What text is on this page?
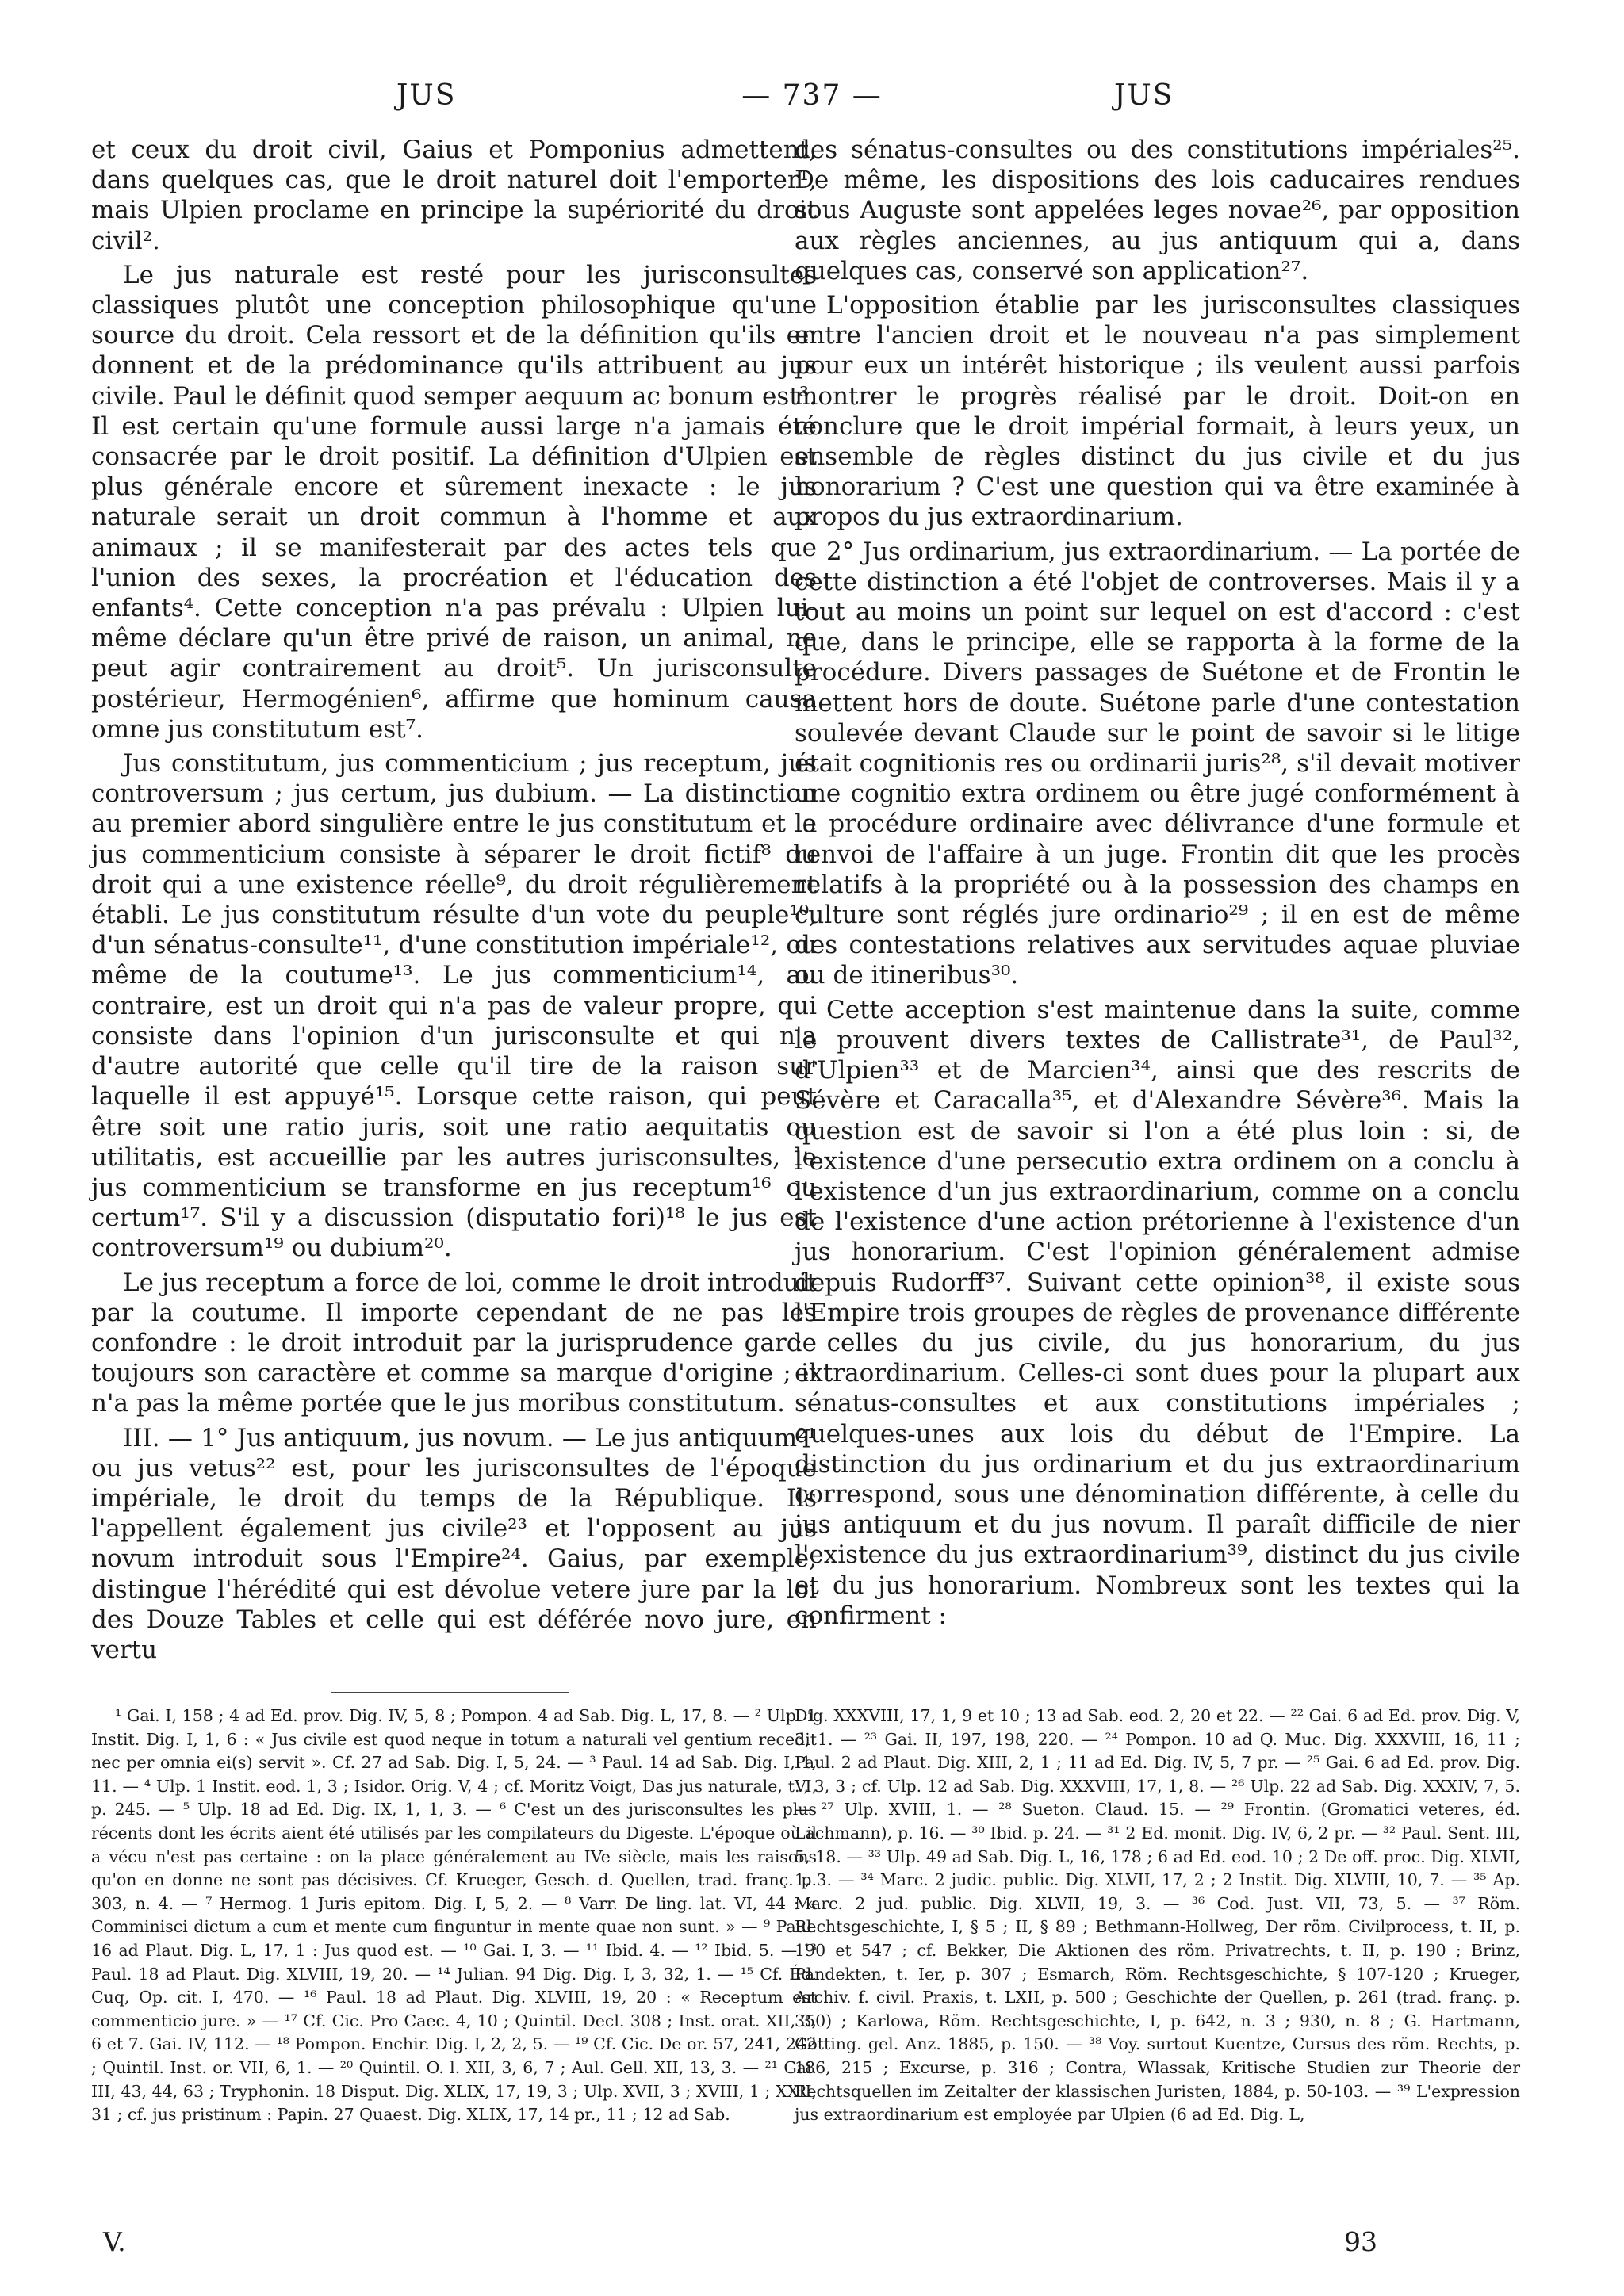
JUS	— 737 —	JUS

et ceux du droit civil, Gaius et Pomponius admettent, dans quelques cas, que le droit naturel doit l'emporter¹, mais Ulpien proclame en principe la supériorité du droit civil².

Le jus naturale est resté pour les jurisconsultes classiques plutôt une conception philosophique qu'une source du droit. Cela ressort et de la définition qu'ils en donnent et de la prédominance qu'ils attribuent au jus civile. Paul le définit quod semper aequum ac bonum est³. Il est certain qu'une formule aussi large n'a jamais été consacrée par le droit positif. La définition d'Ulpien est plus générale encore et sûrement inexacte : le jus naturale serait un droit commun à l'homme et aux animaux ; il se manifesterait par des actes tels que l'union des sexes, la procréation et l'éducation des enfants⁴. Cette conception n'a pas prévalu : Ulpien lui-même déclare qu'un être privé de raison, un animal, ne peut agir contrairement au droit⁵. Un jurisconsulte postérieur, Hermogénien⁶, affirme que hominum causa omne jus constitutum est⁷.

Jus constitutum, jus commenticium ; jus receptum, jus controversum ; jus certum, jus dubium. — La distinction au premier abord singulière entre le jus constitutum et le jus commenticium consiste à séparer le droit fictif⁸ du droit qui a une existence réelle⁹, du droit régulièrement établi. Le jus constitutum résulte d'un vote du peuple¹⁰, d'un sénatus-consulte¹¹, d'une constitution impériale¹², ou même de la coutume¹³. Le jus commenticium¹⁴, au contraire, est un droit qui n'a pas de valeur propre, qui consiste dans l'opinion d'un jurisconsulte et qui n'a d'autre autorité que celle qu'il tire de la raison sur laquelle il est appuyé¹⁵. Lorsque cette raison, qui peut être soit une ratio juris, soit une ratio aequitatis ou utilitatis, est accueillie par les autres jurisconsultes, le jus commenticium se transforme en jus receptum¹⁶ ou certum¹⁷. S'il y a discussion (disputatio fori)¹⁸ le jus est controversum¹⁹ ou dubium²⁰.

Le jus receptum a force de loi, comme le droit introduit par la coutume. Il importe cependant de ne pas les confondre : le droit introduit par la jurisprudence garde toujours son caractère et comme sa marque d'origine ; il n'a pas la même portée que le jus moribus constitutum.

III. — 1° Jus antiquum, jus novum. — Le jus antiquum²¹ ou jus vetus²² est, pour les jurisconsultes de l'époque impériale, le droit du temps de la République. Ils l'appellent également jus civile²³ et l'opposent au jus novum introduit sous l'Empire²⁴. Gaius, par exemple, distingue l'hérédité qui est dévolue vetere jure par la loi des Douze Tables et celle qui est déférée novo jure, en vertu

des sénatus-consultes ou des constitutions impériales²⁵. De même, les dispositions des lois caducaires rendues sous Auguste sont appelées leges novae²⁶, par opposition aux règles anciennes, au jus antiquum qui a, dans quelques cas, conservé son application²⁷.

L'opposition établie par les jurisconsultes classiques entre l'ancien droit et le nouveau n'a pas simplement pour eux un intérêt historique ; ils veulent aussi parfois montrer le progrès réalisé par le droit. Doit-on en conclure que le droit impérial formait, à leurs yeux, un ensemble de règles distinct du jus civile et du jus honorarium ? C'est une question qui va être examinée à propos du jus extraordinarium.

2° Jus ordinarium, jus extraordinarium. — La portée de cette distinction a été l'objet de controverses. Mais il y a tout au moins un point sur lequel on est d'accord : c'est que, dans le principe, elle se rapporta à la forme de la procédure. Divers passages de Suétone et de Frontin le mettent hors de doute. Suétone parle d'une contestation soulevée devant Claude sur le point de savoir si le litige était cognitionis res ou ordinarii juris²⁸, s'il devait motiver une cognitio extra ordinem ou être jugé conformément à la procédure ordinaire avec délivrance d'une formule et renvoi de l'affaire à un juge. Frontin dit que les procès relatifs à la propriété ou à la possession des champs en culture sont réglés jure ordinario²⁹ ; il en est de même des contestations relatives aux servitudes aquae pluviae ou de itineribus³⁰.

Cette acception s'est maintenue dans la suite, comme le prouvent divers textes de Callistrate³¹, de Paul³², d'Ulpien³³ et de Marcien³⁴, ainsi que des rescrits de Sévère et Caracalla³⁵, et d'Alexandre Sévère³⁶. Mais la question est de savoir si l'on a été plus loin : si, de l'existence d'une persecutio extra ordinem on a conclu à l'existence d'un jus extraordinarium, comme on a conclu de l'existence d'une action prétorienne à l'existence d'un jus honorarium. C'est l'opinion généralement admise depuis Rudorff³⁷. Suivant cette opinion³⁸, il existe sous l'Empire trois groupes de règles de provenance différente : celles du jus civile, du jus honorarium, du jus extraordinarium. Celles-ci sont dues pour la plupart aux sénatus-consultes et aux constitutions impériales ; quelques-unes aux lois du début de l'Empire. La distinction du jus ordinarium et du jus extraordinarium correspond, sous une dénomination différente, à celle du jus antiquum et du jus novum. Il paraît difficile de nier l'existence du jus extraordinarium³⁹, distinct du jus civile et du jus honorarium. Nombreux sont les textes qui la confirment :

¹ Gai. I, 158 ; 4 ad Ed. prov. Dig. IV, 5, 8 ; Pompon. 4 ad Sab. Dig. L, 17, 8. — ² Ulp. 1 Instit. Dig. I, 1, 6 : « Jus civile est quod neque in totum a naturali vel gentium recedit nec per omnia ei(s) servit ». Cf. 27 ad Sab. Dig. I, 5, 24. — ³ Paul. 14 ad Sab. Dig. I, 1, 11. — ⁴ Ulp. 1 Instit. eod. 1, 3 ; Isidor. Orig. V, 4 ; cf. Moritz Voigt, Das jus naturale, t. I, p. 245. — ⁵ Ulp. 18 ad Ed. Dig. IX, 1, 1, 3. — ⁶ C'est un des jurisconsultes les plus récents dont les écrits aient été utilisés par les compilateurs du Digeste. L'époque où il a vécu n'est pas certaine : on la place généralement au IVe siècle, mais les raisons qu'on en donne ne sont pas décisives. Cf. Krueger, Gesch. d. Quellen, trad. franç. p. 303, n. 4. — ⁷ Hermog. 1 Juris epitom. Dig. I, 5, 2. — ⁸ Varr. De ling. lat. VI, 44 : « Comminisci dictum a cum et mente cum finguntur in mente quae non sunt. » — ⁹ Paul. 16 ad Plaut. Dig. L, 17, 1 : Jus quod est. — ¹⁰ Gai. I, 3. — ¹¹ Ibid. 4. — ¹² Ibid. 5. — ¹³ Paul. 18 ad Plaut. Dig. XLVIII, 19, 20. — ¹⁴ Julian. 94 Dig. Dig. I, 3, 32, 1. — ¹⁵ Cf. Éd. Cuq, Op. cit. I, 470. — ¹⁶ Paul. 18 ad Plaut. Dig. XLVIII, 19, 20 : « Receptum est commenticio jure. » — ¹⁷ Cf. Cic. Pro Caec. 4, 10 ; Quintil. Decl. 308 ; Inst. orat. XII, 3, 6 et 7. Gai. IV, 112. — ¹⁸ Pompon. Enchir. Dig. I, 2, 2, 5. — ¹⁹ Cf. Cic. De or. 57, 241, 242 ; Quintil. Inst. or. VII, 6, 1. — ²⁰ Quintil. O. l. XII, 3, 6, 7 ; Aul. Gell. XII, 13, 3. — ²¹ Gai. III, 43, 44, 63 ; Tryphonin. 18 Disput. Dig. XLIX, 17, 19, 3 ; Ulp. XVII, 3 ; XVIII, 1 ; XXII, 31 ; cf. jus pristinum : Papin. 27 Quaest. Dig. XLIX, 17, 14 pr., 11 ; 12 ad Sab.

Dig. XXXVIII, 17, 1, 9 et 10 ; 13 ad Sab. eod. 2, 20 et 22. — ²² Gai. 6 ad Ed. prov. Dig. V, 3, 1. — ²³ Gai. II, 197, 198, 220. — ²⁴ Pompon. 10 ad Q. Muc. Dig. XXXVIII, 16, 11 ; Paul. 2 ad Plaut. Dig. XIII, 2, 1 ; 11 ad Ed. Dig. IV, 5, 7 pr. — ²⁵ Gai. 6 ad Ed. prov. Dig. V, 3, 3 ; cf. Ulp. 12 ad Sab. Dig. XXXVIII, 17, 1, 8. — ²⁶ Ulp. 22 ad Sab. Dig. XXXIV, 7, 5. — ²⁷ Ulp. XVIII, 1. — ²⁸ Sueton. Claud. 15. — ²⁹ Frontin. (Gromatici veteres, éd. Lachmann), p. 16. — ³⁰ Ibid. p. 24. — ³¹ 2 Ed. monit. Dig. IV, 6, 2 pr. — ³² Paul. Sent. III, 5, 18. — ³³ Ulp. 49 ad Sab. Dig. L, 16, 178 ; 6 ad Ed. eod. 10 ; 2 De off. proc. Dig. XLVII, 1, 3. — ³⁴ Marc. 2 judic. public. Dig. XLVII, 17, 2 ; 2 Instit. Dig. XLVIII, 10, 7. — ³⁵ Ap. Marc. 2 jud. public. Dig. XLVII, 19, 3. — ³⁶ Cod. Just. VII, 73, 5. — ³⁷ Röm. Rechtsgeschichte, I, § 5 ; II, § 89 ; Bethmann-Hollweg, Der röm. Civilprocess, t. II, p. 190 et 547 ; cf. Bekker, Die Aktionen des röm. Privatrechts, t. II, p. 190 ; Brinz, Pandekten, t. Ier, p. 307 ; Esmarch, Röm. Rechtsgeschichte, § 107-120 ; Krueger, Archiv. f. civil. Praxis, t. LXII, p. 500 ; Geschichte der Quellen, p. 261 (trad. franç. p. 350) ; Karlowa, Röm. Rechtsgeschichte, I, p. 642, n. 3 ; 930, n. 8 ; G. Hartmann, Götting. gel. Anz. 1885, p. 150. — ³⁸ Voy. surtout Kuentze, Cursus des röm. Rechts, p. 186, 215 ; Excurse, p. 316 ; Contra, Wlassak, Kritische Studien zur Theorie der Rechtsquellen im Zeitalter der klassischen Juristen, 1884, p. 50-103. — ³⁹ L'expression jus extraordinarium est employée par Ulpien (6 ad Ed. Dig. L,

V.	93
